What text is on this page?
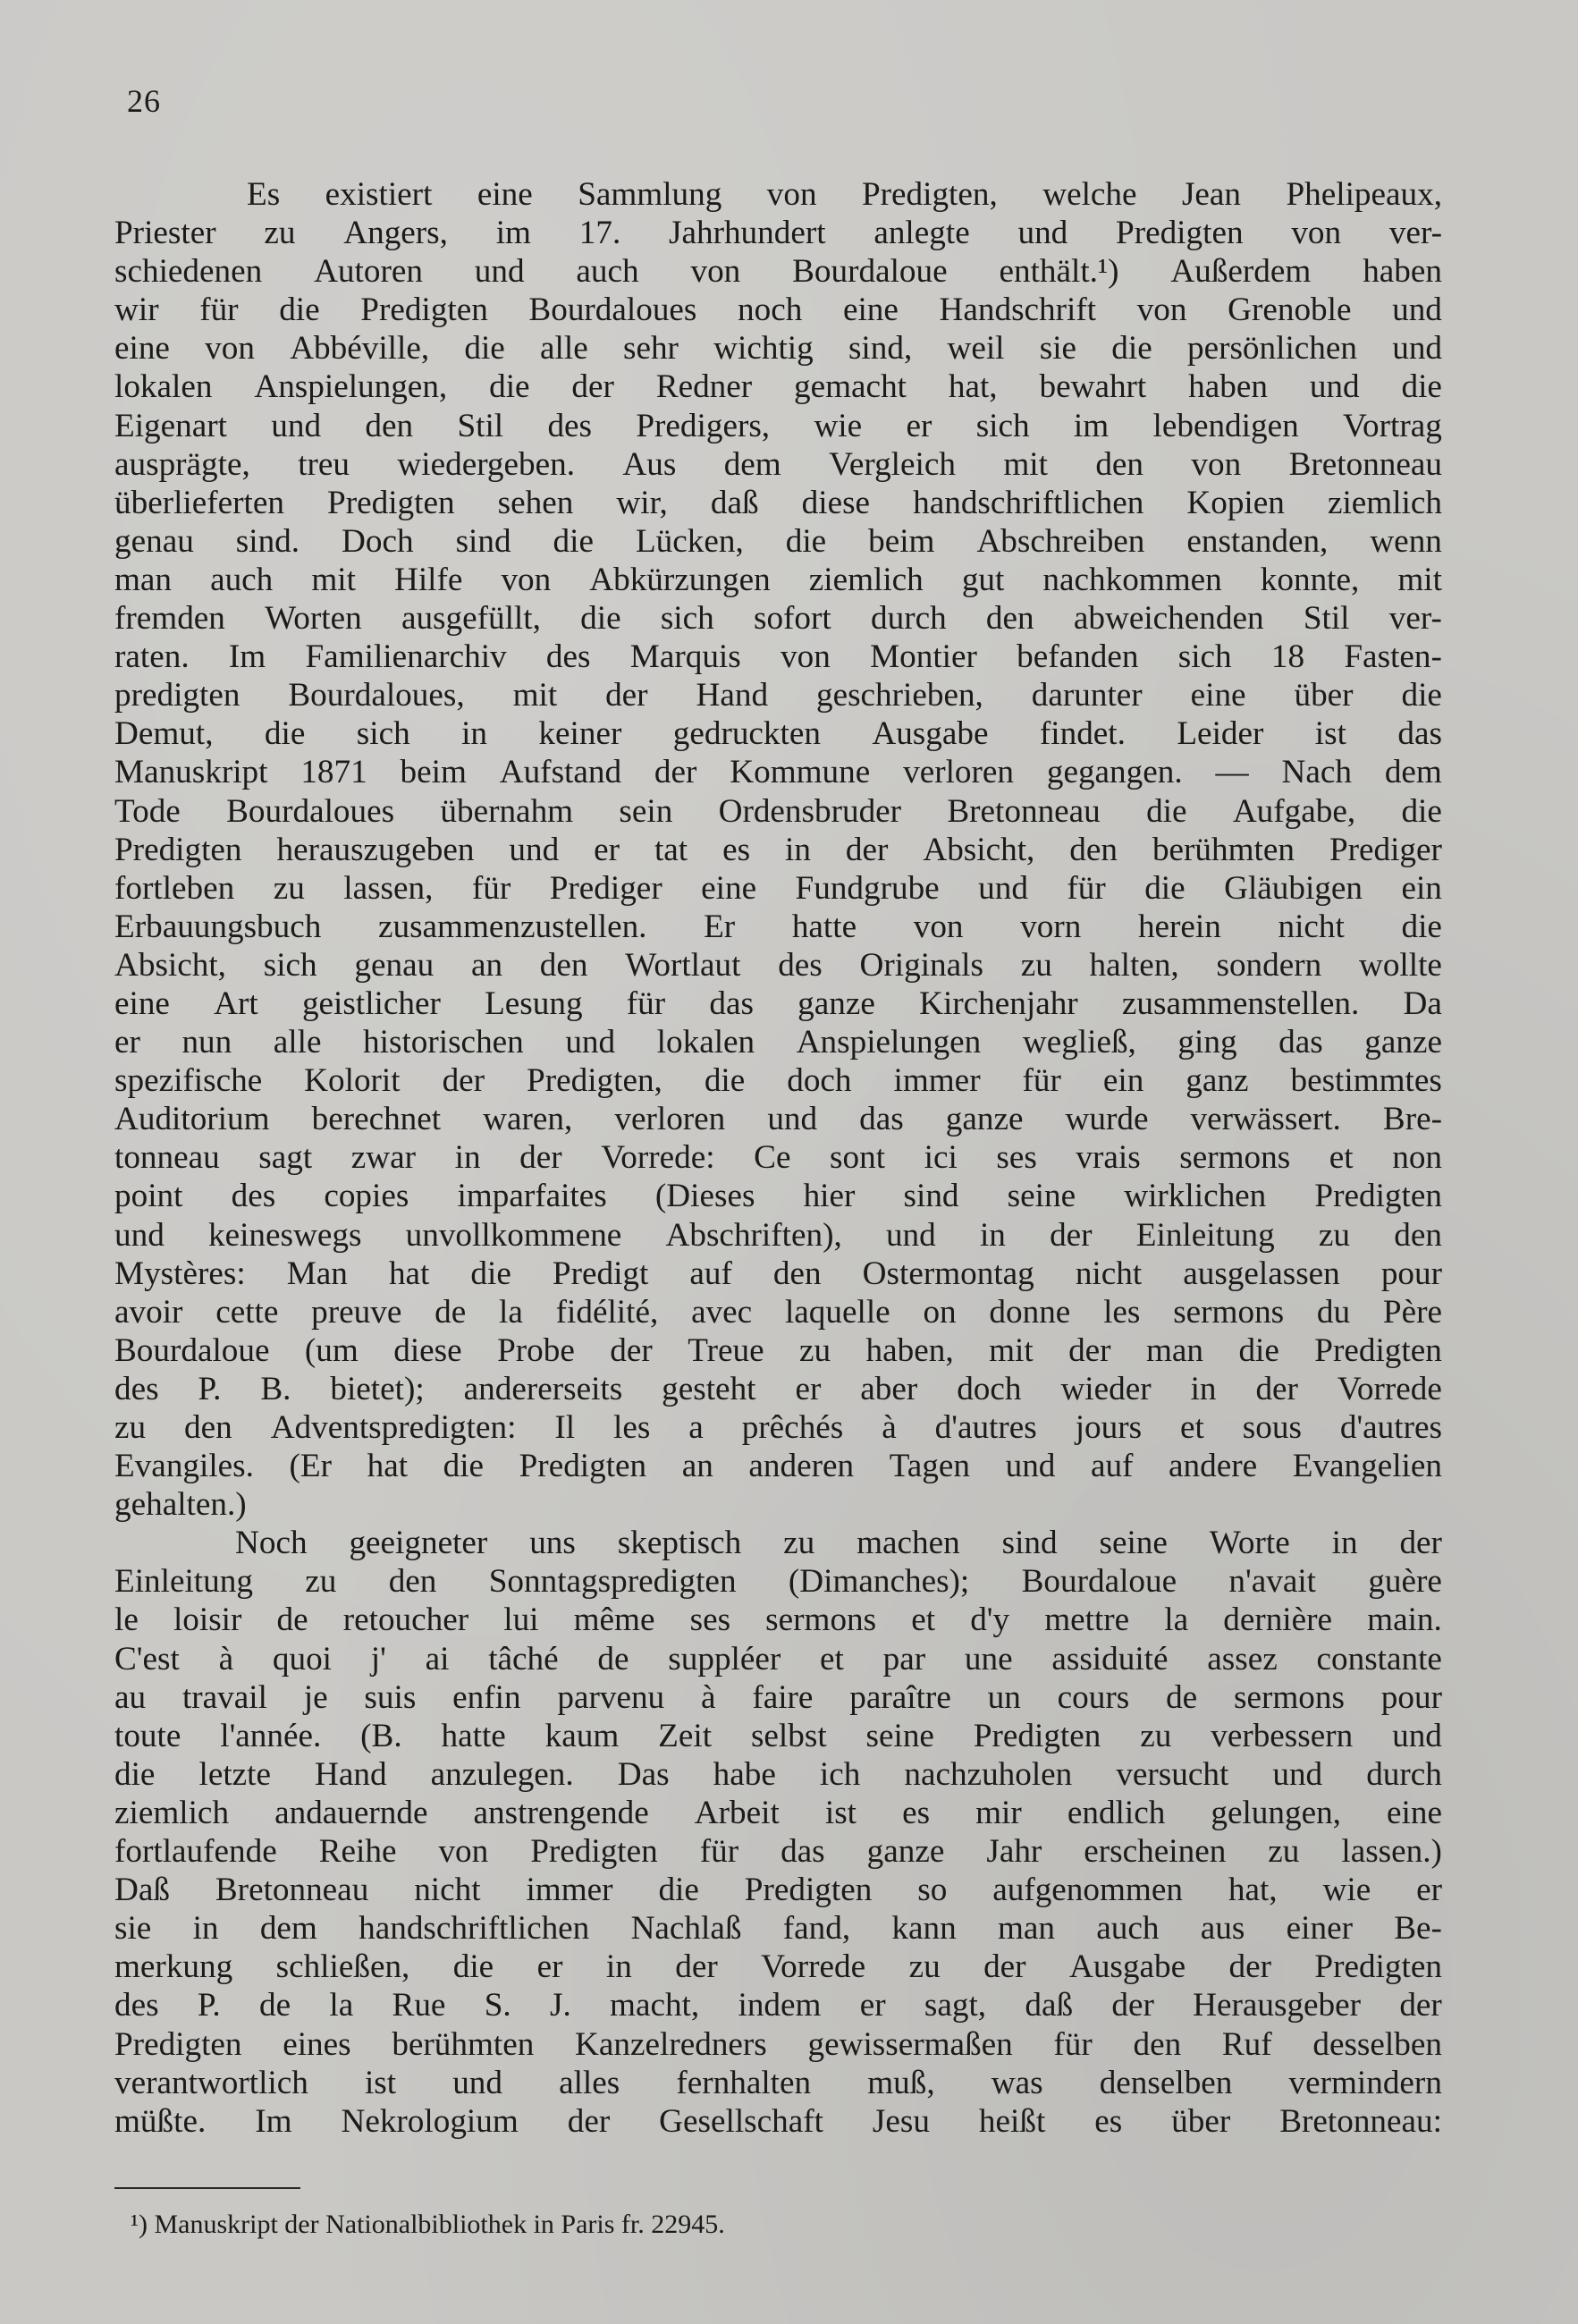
26
Es existiert eine Sammlung von Predigten, welche Jean Phelipeaux,
Priester zu Angers, im 17. Jahrhundert anlegte und Predigten von ver-
schiedenen Autoren und auch von Bourdaloue enthält.¹) Außerdem haben
wir für die Predigten Bourdaloues noch eine Handschrift von Grenoble und
eine von Abbéville, die alle sehr wichtig sind, weil sie die persönlichen und
lokalen Anspielungen, die der Redner gemacht hat, bewahrt haben und die
Eigenart und den Stil des Predigers, wie er sich im lebendigen Vortrag
ausprägte, treu wiedergeben. Aus dem Vergleich mit den von Bretonneau
überlieferten Predigten sehen wir, daß diese handschriftlichen Kopien ziemlich
genau sind. Doch sind die Lücken, die beim Abschreiben enstanden, wenn
man auch mit Hilfe von Abkürzungen ziemlich gut nachkommen konnte, mit
fremden Worten ausgefüllt, die sich sofort durch den abweichenden Stil ver-
raten. Im Familienarchiv des Marquis von Montier befanden sich 18 Fasten-
predigten Bourdaloues, mit der Hand geschrieben, darunter eine über die
Demut, die sich in keiner gedruckten Ausgabe findet. Leider ist das
Manuskript 1871 beim Aufstand der Kommune verloren gegangen. — Nach dem
Tode Bourdaloues übernahm sein Ordensbruder Bretonneau die Aufgabe, die
Predigten herauszugeben und er tat es in der Absicht, den berühmten Prediger
fortleben zu lassen, für Prediger eine Fundgrube und für die Gläubigen ein
Erbauungsbuch zusammenzustellen. Er hatte von vorn herein nicht die
Absicht, sich genau an den Wortlaut des Originals zu halten, sondern wollte
eine Art geistlicher Lesung für das ganze Kirchenjahr zusammenstellen. Da
er nun alle historischen und lokalen Anspielungen wegließ, ging das ganze
spezifische Kolorit der Predigten, die doch immer für ein ganz bestimmtes
Auditorium berechnet waren, verloren und das ganze wurde verwässert. Bre-
tonneau sagt zwar in der Vorrede: Ce sont ici ses vrais sermons et non
point des copies imparfaites (Dieses hier sind seine wirklichen Predigten
und keineswegs unvollkommene Abschriften), und in der Einleitung zu den
Mystères: Man hat die Predigt auf den Ostermontag nicht ausgelassen pour
avoir cette preuve de la fidélité, avec laquelle on donne les sermons du Père
Bourdaloue (um diese Probe der Treue zu haben, mit der man die Predigten
des P. B. bietet); andererseits gesteht er aber doch wieder in der Vorrede
zu den Adventspredigten: Il les a prêchés à d'autres jours et sous d'autres
Evangiles. (Er hat die Predigten an anderen Tagen und auf andere Evangelien
gehalten.)
Noch geeigneter uns skeptisch zu machen sind seine Worte in der
Einleitung zu den Sonntagspredigten (Dimanches); Bourdaloue n'avait guère
le loisir de retoucher lui même ses sermons et d'y mettre la dernière main.
C'est à quoi j' ai tâché de suppléer et par une assiduité assez constante
au travail je suis enfin parvenu à faire paraître un cours de sermons pour
toute l'année. (B. hatte kaum Zeit selbst seine Predigten zu verbessern und
die letzte Hand anzulegen. Das habe ich nachzuholen versucht und durch
ziemlich andauernde anstrengende Arbeit ist es mir endlich gelungen, eine
fortlaufende Reihe von Predigten für das ganze Jahr erscheinen zu lassen.)
Daß Bretonneau nicht immer die Predigten so aufgenommen hat, wie er
sie in dem handschriftlichen Nachlaß fand, kann man auch aus einer Be-
merkung schließen, die er in der Vorrede zu der Ausgabe der Predigten
des P. de la Rue S. J. macht, indem er sagt, daß der Herausgeber der
Predigten eines berühmten Kanzelredners gewissermaßen für den Ruf desselben
verantwortlich ist und alles fernhalten muß, was denselben vermindern
müßte. Im Nekrologium der Gesellschaft Jesu heißt es über Bretonneau:
¹) Manuskript der Nationalbibliothek in Paris fr. 22945.
